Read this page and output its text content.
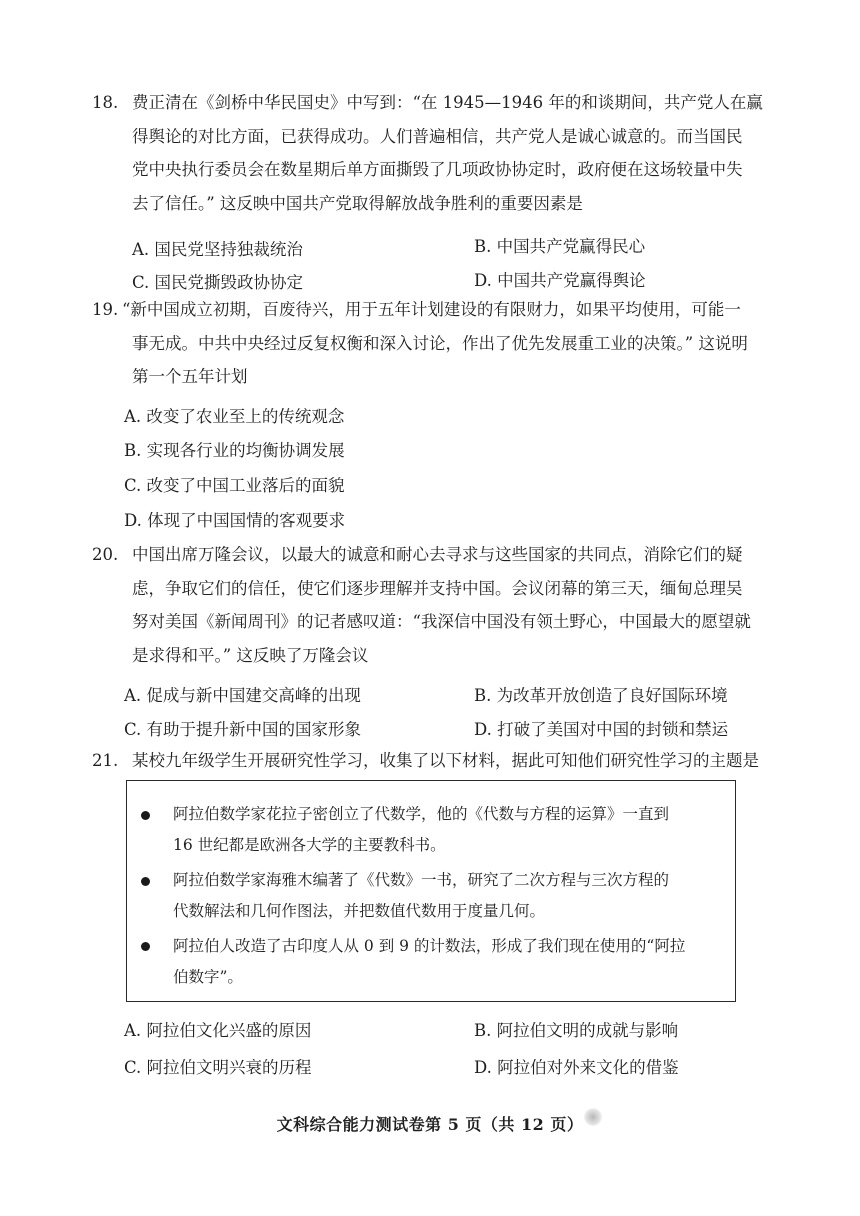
18. 费正清在《剑桥中华民国史》中写到：“在 1945—1946 年的和谈期间，共产党人在赢
得舆论的对比方面，已获得成功。人们普遍相信，共产党人是诚心诚意的。而当国民
党中央执行委员会在数星期后单方面撕毁了几项政协协定时，政府便在这场较量中失
去了信任。” 这反映中国共产党取得解放战争胜利的重要因素是
A. 国民党坚持独裁统治	B. 中国共产党赢得民心
C. 国民党撕毁政协协定	D. 中国共产党赢得舆论
19. “新中国成立初期，百废待兴，用于五年计划建设的有限财力，如果平均使用，可能一
事无成。中共中央经过反复权衡和深入讨论，作出了优先发展重工业的决策。” 这说明
第一个五年计划
A. 改变了农业至上的传统观念
B. 实现各行业的均衡协调发展
C. 改变了中国工业落后的面貌
D. 体现了中国国情的客观要求
20. 中国出席万隆会议，以最大的诚意和耐心去寻求与这些国家的共同点，消除它们的疑
虑，争取它们的信任，使它们逐步理解并支持中国。会议闭幕的第三天，缅甸总理吴
努对美国《新闻周刊》的记者感叹道：“我深信中国没有领土野心，中国最大的愿望就
是求得和平。” 这反映了万隆会议
A. 促成与新中国建交高峰的出现	B. 为改革开放创造了良好国际环境
C. 有助于提升新中国的国家形象	D. 打破了美国对中国的封锁和禁运
21. 某校九年级学生开展研究性学习，收集了以下材料，据此可知他们研究性学习的主题是
阿拉伯数学家花拉子密创立了代数学，他的《代数与方程的运算》一直到
16 世纪都是欧洲各大学的主要教科书。
阿拉伯数学家海雅木编著了《代数》一书，研究了二次方程与三次方程的
代数解法和几何作图法，并把数值代数用于度量几何。
阿拉伯人改造了古印度人从 0 到 9 的计数法，形成了我们现在使用的“阿拉
伯数字”。
A. 阿拉伯文化兴盛的原因	B. 阿拉伯文明的成就与影响
C. 阿拉伯文明兴衰的历程	D. 阿拉伯对外来文化的借鉴
文科综合能力测试卷第 5 页（共 12 页）
